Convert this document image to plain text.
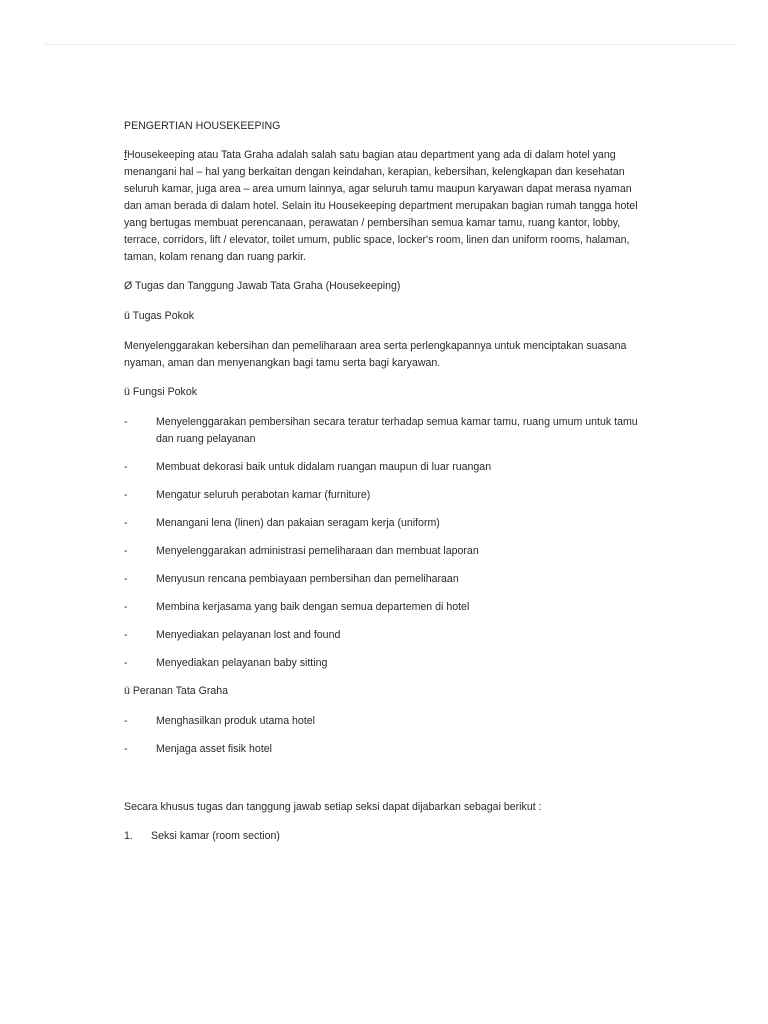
PENGERTIAN HOUSEKEEPING
fHousekeeping atau Tata Graha adalah salah satu bagian atau department yang ada di dalam hotel yang menangani hal – hal yang berkaitan dengan keindahan, kerapian, kebersihan, kelengkapan dan kesehatan seluruh kamar, juga area – area umum lainnya, agar seluruh tamu maupun karyawan dapat merasa nyaman dan aman berada di dalam hotel. Selain itu Housekeeping department merupakan bagian rumah tangga hotel yang bertugas membuat perencanaan, perawatan / pembersihan semua kamar tamu, ruang kantor, lobby, terrace, corridors, lift / elevator, toilet umum, public space, locker's room, linen dan uniform rooms, halaman, taman, kolam renang dan ruang parkir.
Ø Tugas dan Tanggung Jawab Tata Graha (Housekeeping)
ü Tugas Pokok
Menyelenggarakan kebersihan dan pemeliharaan area serta perlengkapannya untuk menciptakan suasana nyaman, aman dan menyenangkan bagi tamu serta bagi karyawan.
ü Fungsi Pokok
-	Menyelenggarakan pembersihan secara teratur terhadap semua kamar tamu, ruang umum untuk tamu dan ruang pelayanan
-	Membuat dekorasi baik untuk didalam ruangan maupun di luar ruangan
-	Mengatur seluruh perabotan kamar (furniture)
-	Menangani lena (linen) dan pakaian seragam kerja (uniform)
-	Menyelenggarakan administrasi pemeliharaan dan membuat laporan
-	Menyusun rencana pembiayaan pembersihan dan pemeliharaan
-	Membina kerjasama yang baik dengan semua departemen di hotel
-	Menyediakan pelayanan lost and found
-	Menyediakan pelayanan baby sitting
ü Peranan Tata Graha
-	Menghasilkan produk utama hotel
-	Menjaga asset fisik hotel
Secara khusus tugas dan tanggung jawab setiap seksi dapat dijabarkan sebagai berikut :
1. Seksi kamar (room section)
